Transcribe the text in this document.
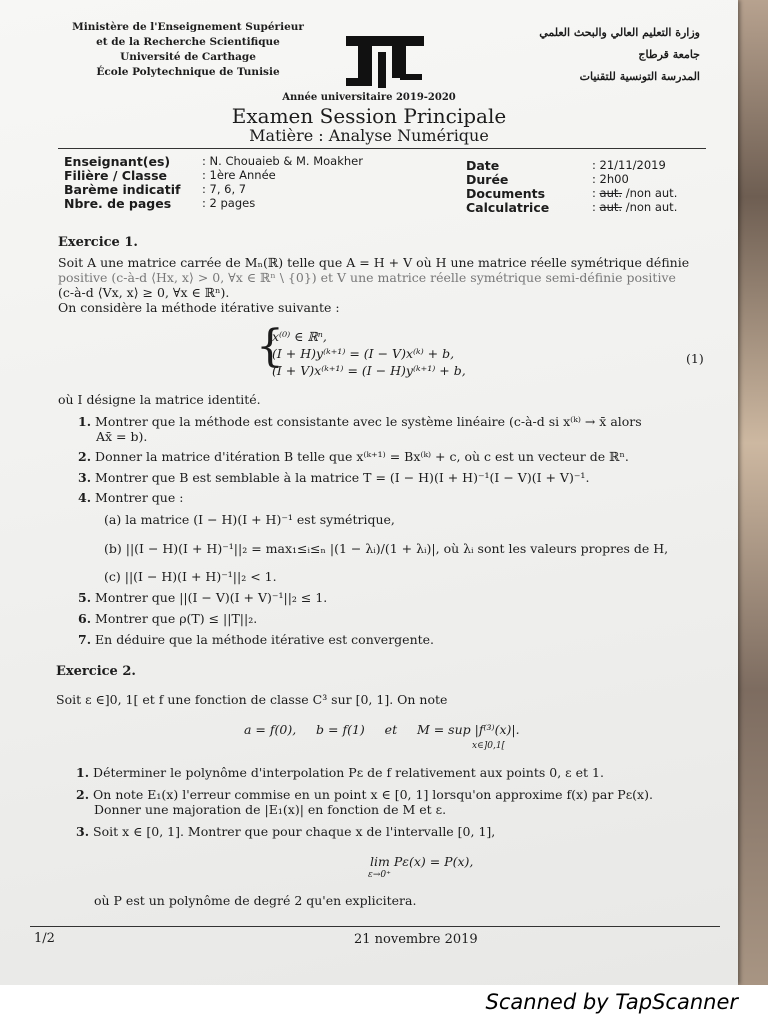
Ministère de l'Enseignement Supérieur
et de la Recherche Scientifique
Université de Carthage
École Polytechnique de Tunisie
وزارة التعليم العالي والبحث العلمي
جامعة قرطاج
المدرسة التونسية للتقنيات
Année universitaire 2019-2020
Examen Session Principale
Matière : Analyse Numérique
Enseignant(es)	: N. Chouaieb & M. Moakher
Filière / Classe	: 1ère Année
Barème indicatif : 7, 6, 7
Nbre. de pages	: 2 pages
Date	: 21/11/2019
Durée	: 2h00
Documents	: aut. /non aut.
Calculatrice	: aut. /non aut.
Exercice 1.
Soit A une matrice carrée de Mₙ(ℝ) telle que A = H + V où H une matrice réelle symétrique définie
positive (c-à-d ⟨Hx, x⟩ > 0, ∀x ∈ ℝⁿ \ {0}) et V une matrice réelle symétrique semi-définie positive
(c-à-d ⟨Vx, x⟩ ≥ 0, ∀x ∈ ℝⁿ).
On considère la méthode itérative suivante :
{
x⁽⁰⁾ ∈ ℝⁿ,
(I + H)y⁽ᵏ⁺¹⁾ = (I − V)x⁽ᵏ⁾ + b,
(I + V)x⁽ᵏ⁺¹⁾ = (I − H)y⁽ᵏ⁺¹⁾ + b,
(1)
où I désigne la matrice identité.
1. Montrer que la méthode est consistante avec le système linéaire (c-à-d si x⁽ᵏ⁾ → x̄ alors
Ax̄ = b).
2. Donner la matrice d'itération B telle que x⁽ᵏ⁺¹⁾ = Bx⁽ᵏ⁾ + c, où c est un vecteur de ℝⁿ.
3. Montrer que B est semblable à la matrice T = (I − H)(I + H)⁻¹(I − V)(I + V)⁻¹.
4. Montrer que :
(a) la matrice (I − H)(I + H)⁻¹ est symétrique,
(b) ||(I − H)(I + H)⁻¹||₂ = max₁≤ᵢ≤ₙ |(1 − λᵢ)/(1 + λᵢ)|, où λᵢ sont les valeurs propres de H,
(c) ||(I − H)(I + H)⁻¹||₂ < 1.
5. Montrer que ||(I − V)(I + V)⁻¹||₂ ≤ 1.
6. Montrer que ρ(T) ≤ ||T||₂.
7. En déduire que la méthode itérative est convergente.
Exercice 2.
Soit ε ∈]0, 1[ et f une fonction de classe C³ sur [0, 1]. On note
a = f(0),     b = f(1)     et     M = sup |f⁽³⁾(x)|.
x∈]0,1[
1. Déterminer le polynôme d'interpolation Pε de f relativement aux points 0, ε et 1.
2. On note E₁(x) l'erreur commise en un point x ∈ [0, 1] lorsqu'on approxime f(x) par Pε(x).
Donner une majoration de |E₁(x)| en fonction de M et ε.
3. Soit x ∈ [0, 1]. Montrer que pour chaque x de l'intervalle [0, 1],
lim Pε(x) = P(x),
ε→0⁺
où P est un polynôme de degré 2 qu'en explicitera.
1/2	21 novembre 2019
Scanned by TapScanner
